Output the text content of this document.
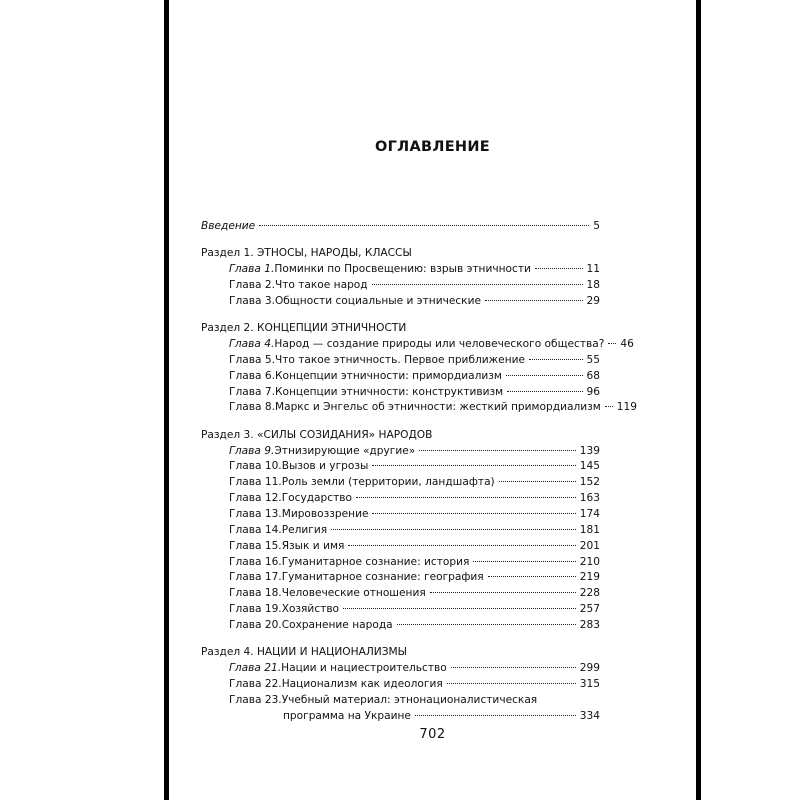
ОГЛАВЛЕНИЕ
Введение	5
Раздел 1. ЭТНОСЫ, НАРОДЫ, КЛАССЫ
Глава 1. Поминки по Просвещению: взрыв этничности	11
Глава 2. Что такое народ	18
Глава 3. Общности социальные и этнические	29
Раздел 2. КОНЦЕПЦИИ ЭТНИЧНОСТИ
Глава 4. Народ — создание природы или человеческого общества? 46
Глава 5. Что такое этничность. Первое приближение	55
Глава 6. Концепции этничности: примордиализм	68
Глава 7. Концепции этничности: конструктивизм	96
Глава 8. Маркс и Энгельс об этничности: жесткий примордиализм 119
Раздел 3. «СИЛЫ СОЗИДАНИЯ» НАРОДОВ
Глава 9. Этнизирующие «другие»	139
Глава 10. Вызов и угрозы	145
Глава 11. Роль земли (территории, ландшафта)	152
Глава 12. Государство	163
Глава 13. Мировоззрение	174
Глава 14. Религия	181
Глава 15. Язык и имя	201
Глава 16. Гуманитарное сознание: история	210
Глава 17. Гуманитарное сознание: география	219
Глава 18. Человеческие отношения	228
Глава 19. Хозяйство	257
Глава 20. Сохранение народа	283
Раздел 4. НАЦИИ И НАЦИОНАЛИЗМЫ
Глава 21. Нации и нациестроительство	299
Глава 22. Национализм как идеология	315
Глава 23. Учебный материал: этнонационалистическая
программа на Украине	334
702
